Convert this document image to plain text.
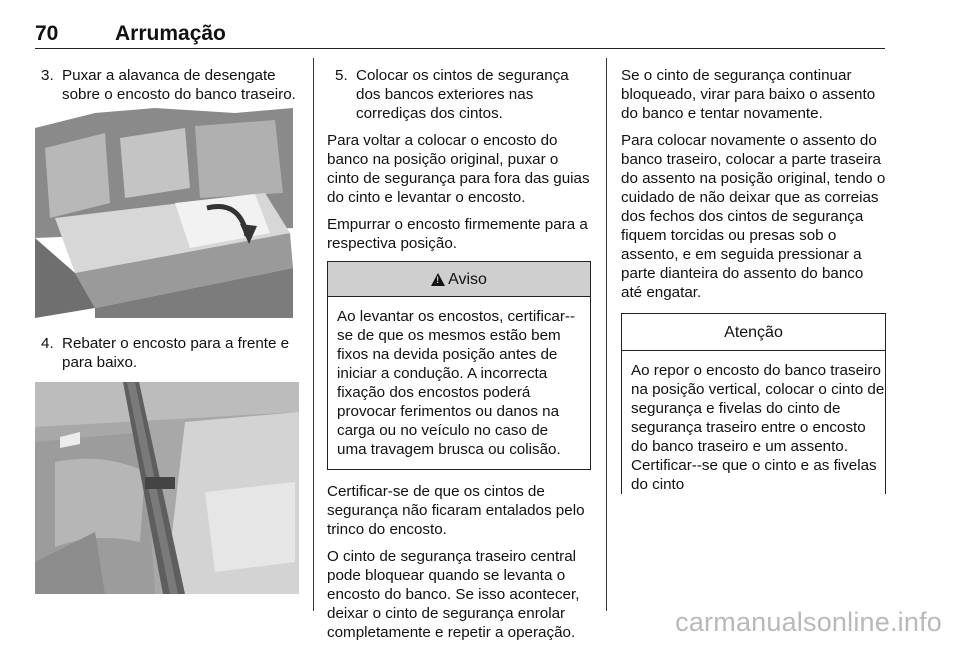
70	Arrumação
3. Puxar a alavanca de desengate sobre o encosto do banco traseiro.
4. Rebater o encosto para a frente e para baixo.
5. Colocar os cintos de segurança dos bancos exteriores nas corrediças dos cintos.

Para voltar a colocar o encosto do banco na posição original, puxar o cinto de segurança para fora das guias do cinto e levantar o encosto.

Empurrar o encosto firmemente para a respectiva posição.

!
Aviso
Ao levantar os encostos, certificar--se de que os mesmos estão bem fixos na devida posição antes de iniciar a condução. A incorrecta fixação dos encostos poderá provocar ferimentos ou danos na carga ou no veículo no caso de uma travagem brusca ou colisão.

Certificar-se de que os cintos de segurança não ficaram entalados pelo trinco do encosto.

O cinto de segurança traseiro central pode bloquear quando se levanta o encosto do banco. Se isso acontecer, deixar o cinto de segurança enrolar completamente e repetir a operação.

Se o cinto de segurança continuar bloqueado, virar para baixo o assento do banco e tentar novamente.

Para colocar novamente o assento do banco traseiro, colocar a parte traseira do assento na posição original, tendo o cuidado de não deixar que as correias dos fechos dos cintos de segurança fiquem torcidas ou presas sob o assento, e em seguida pressionar a parte dianteira do assento do banco até engatar.

Atenção
Ao repor o encosto do banco traseiro na posição vertical, colocar o cinto de segurança e fivelas do cinto de segurança traseiro entre o encosto do banco traseiro e um assento. Certificar--se que o cinto e as fivelas do cinto
carmanualsonline.info
